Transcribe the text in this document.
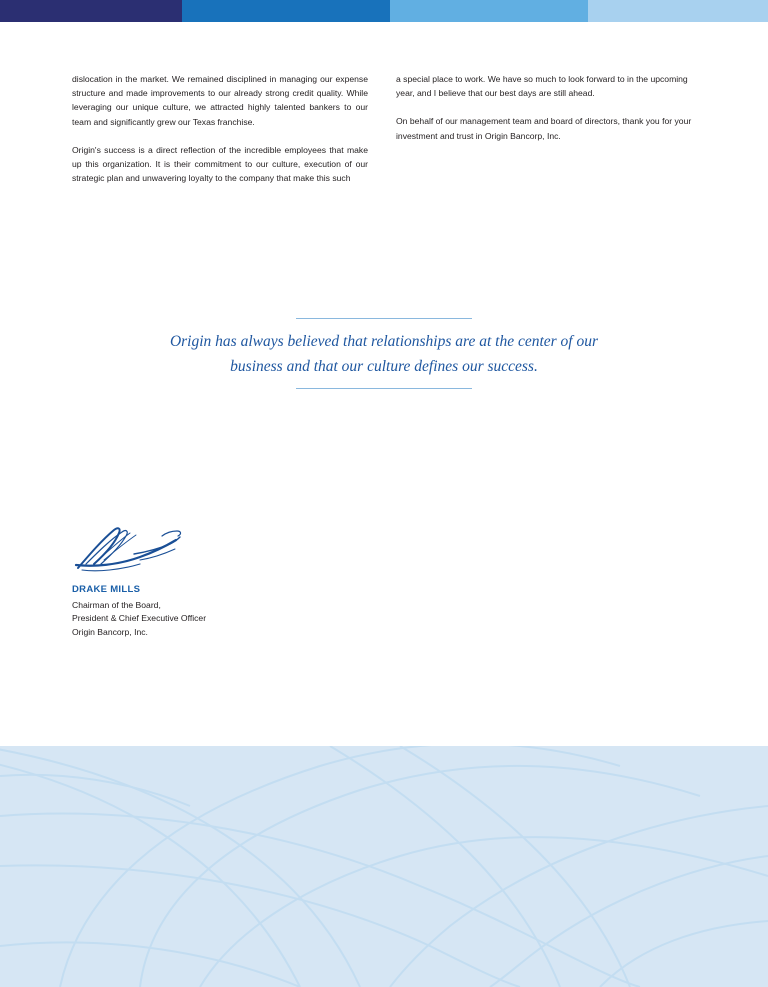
dislocation in the market. We remained disciplined in managing our expense structure and made improvements to our already strong credit quality. While leveraging our unique culture, we attracted highly talented bankers to our team and significantly grew our Texas franchise.

Origin's success is a direct reflection of the incredible employees that make up this organization. It is their commitment to our culture, execution of our strategic plan and unwavering loyalty to the company that make this such

a special place to work. We have so much to look forward to in the upcoming year, and I believe that our best days are still ahead.

On behalf of our management team and board of directors, thank you for your investment and trust in Origin Bancorp, Inc.

Origin has always believed that relationships are at the center of our business and that our culture defines our success.
DRAKE MILLS
Chairman of the Board,
President & Chief Executive Officer
Origin Bancorp, Inc.
